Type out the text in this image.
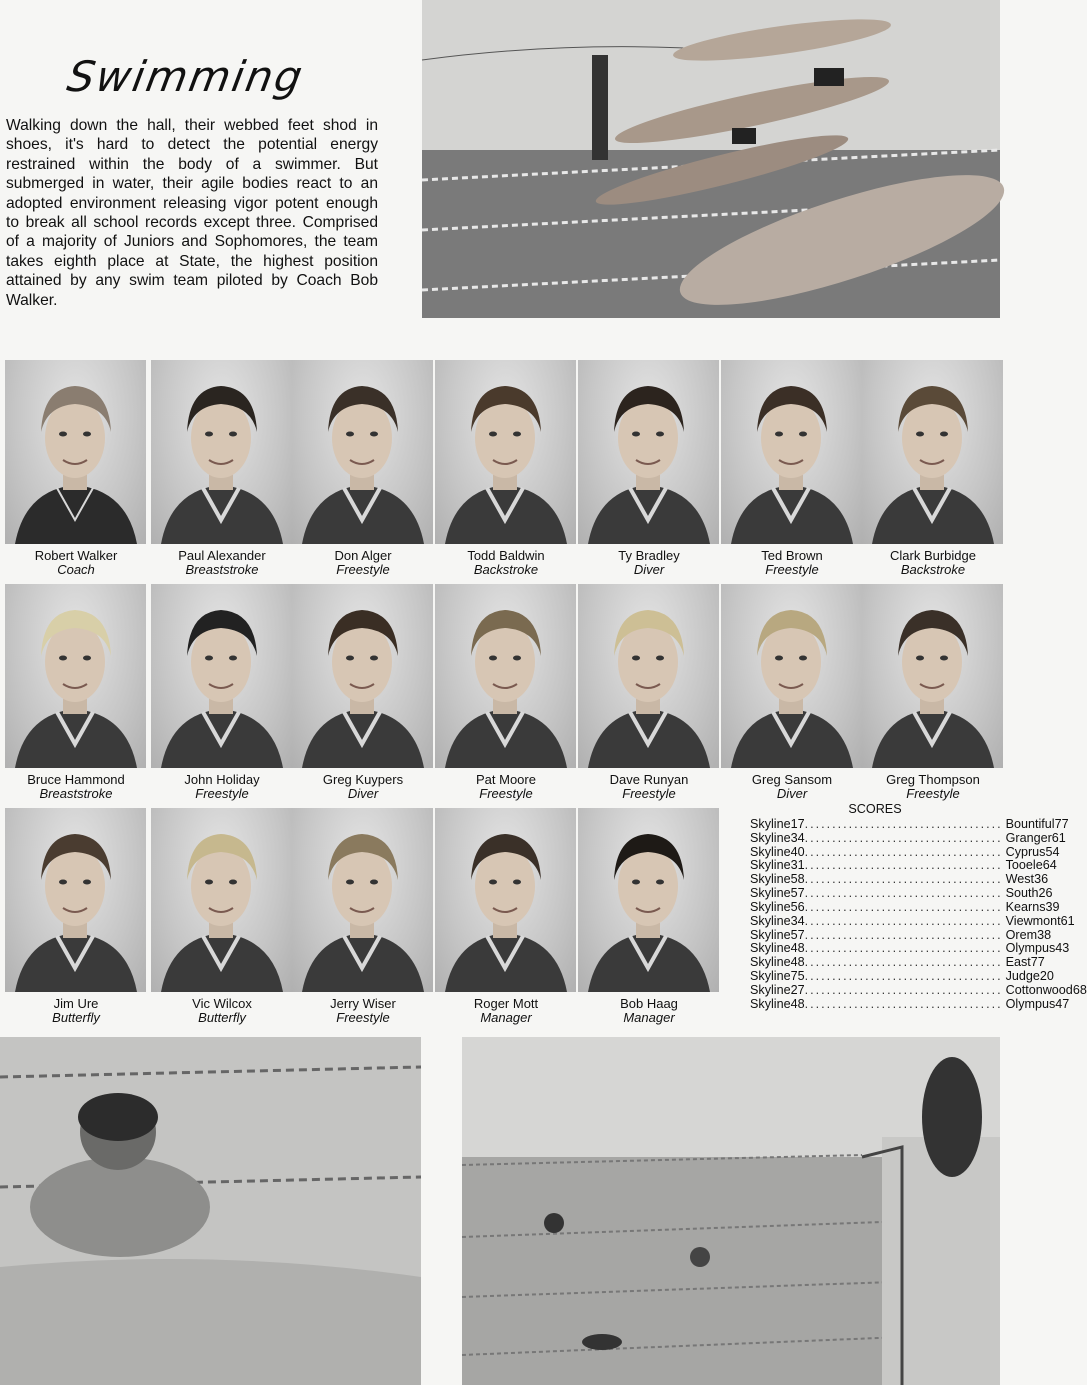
Swimming
Walking down the hall, their webbed feet shod in shoes, it's hard to detect the potential energy restrained within the body of a swimmer. But submerged in water, their agile bodies react to an adopted environment releasing vigor potent enough to break all school records except three. Comprised of a majority of Juniors and Sophomores, the team takes eighth place at State, the highest position attained by any swim team piloted by Coach Bob Walker.
Robert Walker
Coach
Paul Alexander
Breaststroke
Don Alger
Freestyle
Todd Baldwin
Backstroke
Ty Bradley
Diver
Ted Brown
Freestyle
Clark Burbidge
Backstroke
Bruce Hammond
Breaststroke
John Holiday
Freestyle
Greg Kuypers
Diver
Pat Moore
Freestyle
Dave Runyan
Freestyle
Greg Sansom
Diver
Greg Thompson
Freestyle
Jim Ure
Butterfly
Vic Wilcox
Butterfly
Jerry Wiser
Freestyle
Roger Mott
Manager
Bob Haag
Manager
SCORES
Skyline 17 .................................... Bountiful 77
Skyline 34 .................................... Granger 61
Skyline 40 .................................... Cyprus 54
Skyline 31 .................................... Tooele 64
Skyline 58 .................................... West 36
Skyline 57 .................................... South 26
Skyline 56 .................................... Kearns 39
Skyline 34 .................................... Viewmont 61
Skyline 57 .................................... Orem 38
Skyline 48 .................................... Olympus 43
Skyline 48 .................................... East 77
Skyline 75 .................................... Judge 20
Skyline 27 .................................... Cottonwood 68
Skyline 48 .................................... Olympus 47
